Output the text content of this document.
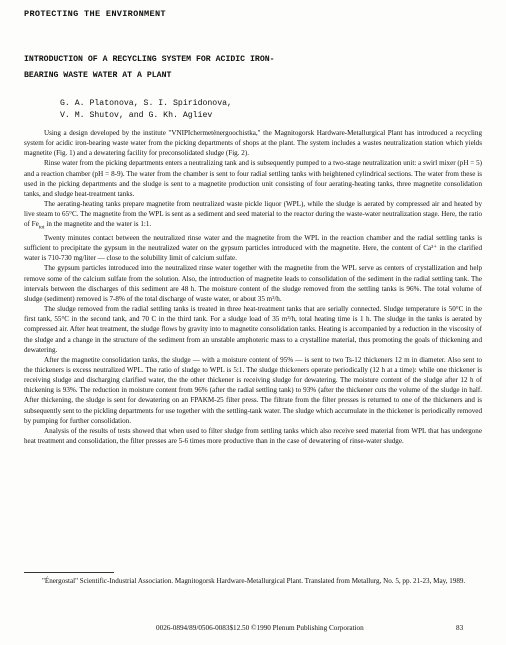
PROTECTING THE ENVIRONMENT
INTRODUCTION OF A RECYCLING SYSTEM FOR ACIDIC IRON-
BEARING WASTE WATER AT A PLANT
G. A. Platonova, S. I. Spiridonova,
V. M. Shutov, and G. Kh. Agliev

Using a design developed by the institute "VNIPIchermetènergoochistka," the Magnitogorsk Hardware-Metallurgical Plant has introduced a recycling system for acidic iron-bearing waste water from the picking departments of shops at the plant. The system includes a wastes neutralization station which yields magnetite (Fig. 1) and a dewatering facility for preconsolidated sludge (Fig. 2).

Rinse water from the picking departments enters a neutralizing tank and is subsequently pumped to a two-stage neutralization unit: a swirl mixer (pH = 5) and a reaction chamber (pH = 8-9). The water from the chamber is sent to four radial settling tanks with heightened cylindrical sections. The water from these is used in the picking departments and the sludge is sent to a magnetite production unit consisting of four aerating-heating tanks, three magnetite consolidation tanks, and sludge heat-treatment tanks.

The aerating-heating tanks prepare magnetite from neutralized waste pickle liquor (WPL), while the sludge is aerated by compressed air and heated by live steam to 65°C. The magnetite from the WPL is sent as a sediment and seed material to the reactor during the waste-water neutralization stage. Here, the ratio of $Fe_{tot}$ in the magnetite and the water is 1:1.

Twenty minutes contact between the neutralized rinse water and the magnetite from the WPL in the reaction chamber and the radial settling tanks is sufficient to precipitate the gypsum in the neutralized water on the gypsum particles introduced with the magnetite. Here, the content of Ca²⁺ in the clarified water is 710-730 mg/liter — close to the solubility limit of calcium sulfate.

The gypsum particles introduced into the neutralized rinse water together with the magnetite from the WPL serve as centers of crystallization and help remove some of the calcium sulfate from the solution. Also, the introduction of magnetite leads to consolidation of the sediment in the radial settling tank. The intervals between the discharges of this sediment are 48 h. The moisture content of the sludge removed from the settling tanks is 96%. The total volume of sludge (sediment) removed is 7-8% of the total discharge of waste water, or about 35 m³/h.

The sludge removed from the radial settling tanks is treated in three heat-treatment tanks that are serially connected. Sludge temperature is 50°C in the first tank, 55°C in the second tank, and 70 C in the third tank. For a sludge load of 35 m³/h, total heating time is 1 h. The sludge in the tanks is aerated by compressed air. After heat treatment, the sludge flows by gravity into to magnetite consolidation tanks. Heating is accompanied by a reduction in the viscosity of the sludge and a change in the structure of the sediment from an unstable amphoteric mass to a crystalline material, thus promoting the goals of thickening and dewatering.

After the magnetite consolidation tanks, the sludge — with a moisture content of 95% — is sent to two Ts-12 thickeners 12 m in diameter. Also sent to the thickeners is excess neutralized WPL. The ratio of sludge to WPL is 5:1. The sludge thickeners operate periodically (12 h at a time): while one thickener is receiving sludge and discharging clarified water, the the other thickener is receiving sludge for dewatering. The moisture content of the sludge after 12 h of thickening is 93%. The reduction in moisture content from 96% (after the radial settling tank) to 93% (after the thickener cuts the volume of the sludge in half. After thickening, the sludge is sent for dewatering on an FPAKM-25 filter press. The filtrate from the filter presses is returned to one of the thickeners and is subsequently sent to the pickling departments for use together with the settling-tank water. The sludge which accumulate in the thickener is periodically removed by pumping for further consolidation.

Analysis of the results of tests showed that when used to filter sludge from settling tanks which also receive seed material from WPL that has undergone heat treatment and consolidation, the filter presses are 5-6 times more productive than in the case of dewatering of rinse-water sludge.

"Énergostal" Scientific-Industrial Association. Magnitogorsk Hardware-Metallurgical Plant. Translated from Metallurg, No. 5, pp. 21-23, May, 1989.
0026-0894/89/0506-0083$12.50 ©1990 Plenum Publishing Corporation	83
